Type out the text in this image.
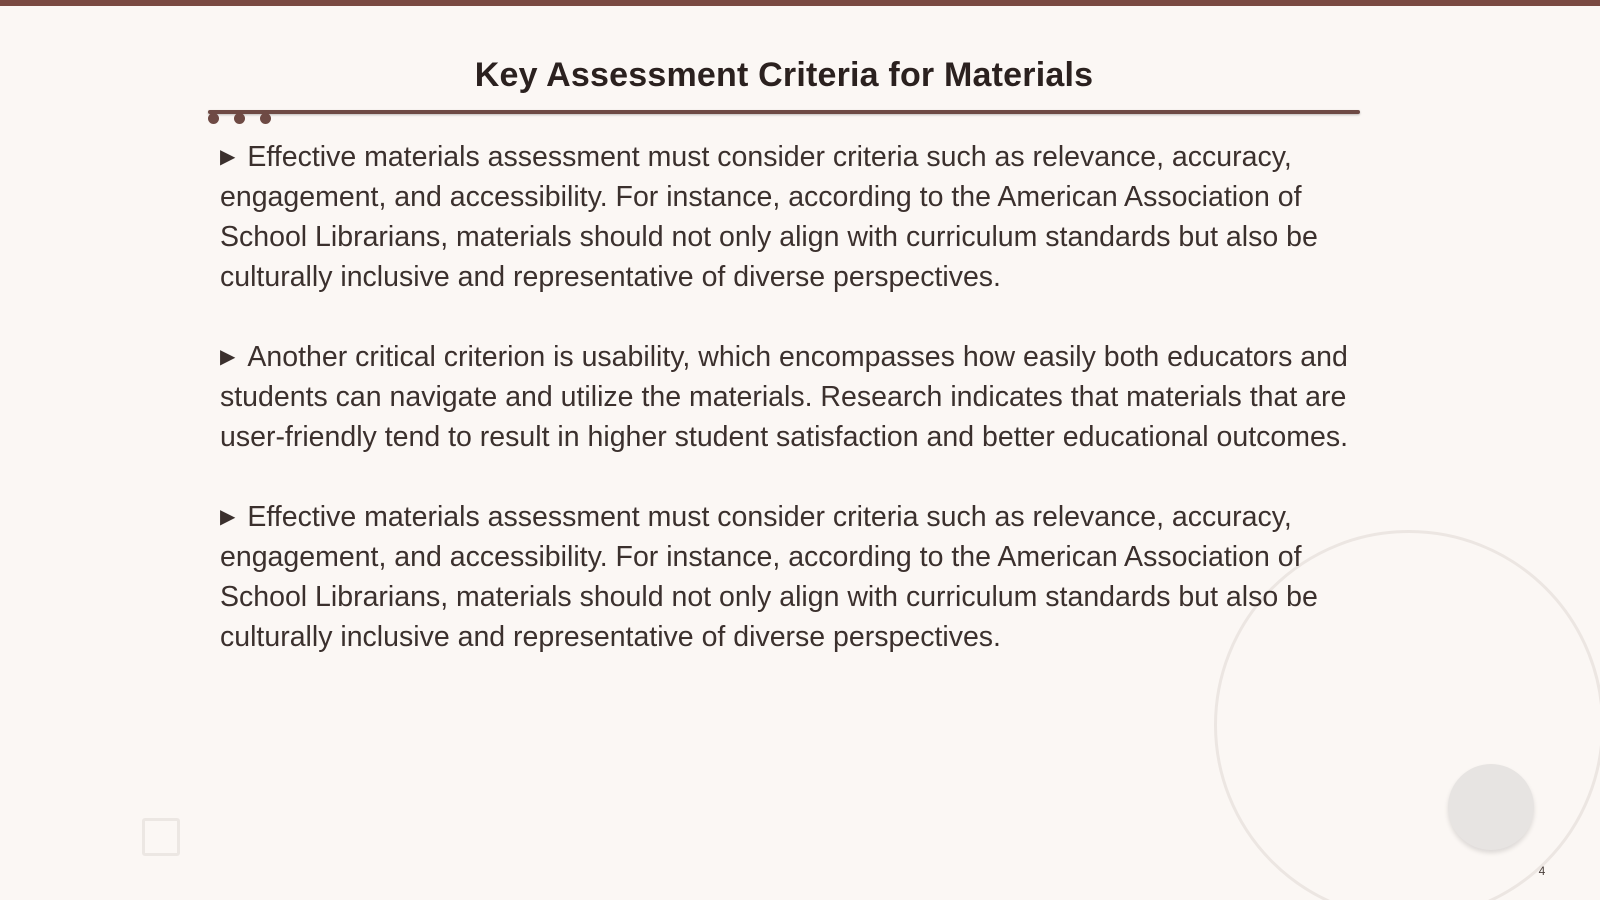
Key Assessment Criteria for Materials

▶ Effective materials assessment must consider criteria such as relevance, accuracy, engagement, and accessibility. For instance, according to the American Association of School Librarians, materials should not only align with curriculum standards but also be culturally inclusive and representative of diverse perspectives.

▶ Another critical criterion is usability, which encompasses how easily both educators and students can navigate and utilize the materials. Research indicates that materials that are user-friendly tend to result in higher student satisfaction and better educational outcomes.

▶ Effective materials assessment must consider criteria such as relevance, accuracy, engagement, and accessibility. For instance, according to the American Association of School Librarians, materials should not only align with curriculum standards but also be culturally inclusive and representative of diverse perspectives.

4
